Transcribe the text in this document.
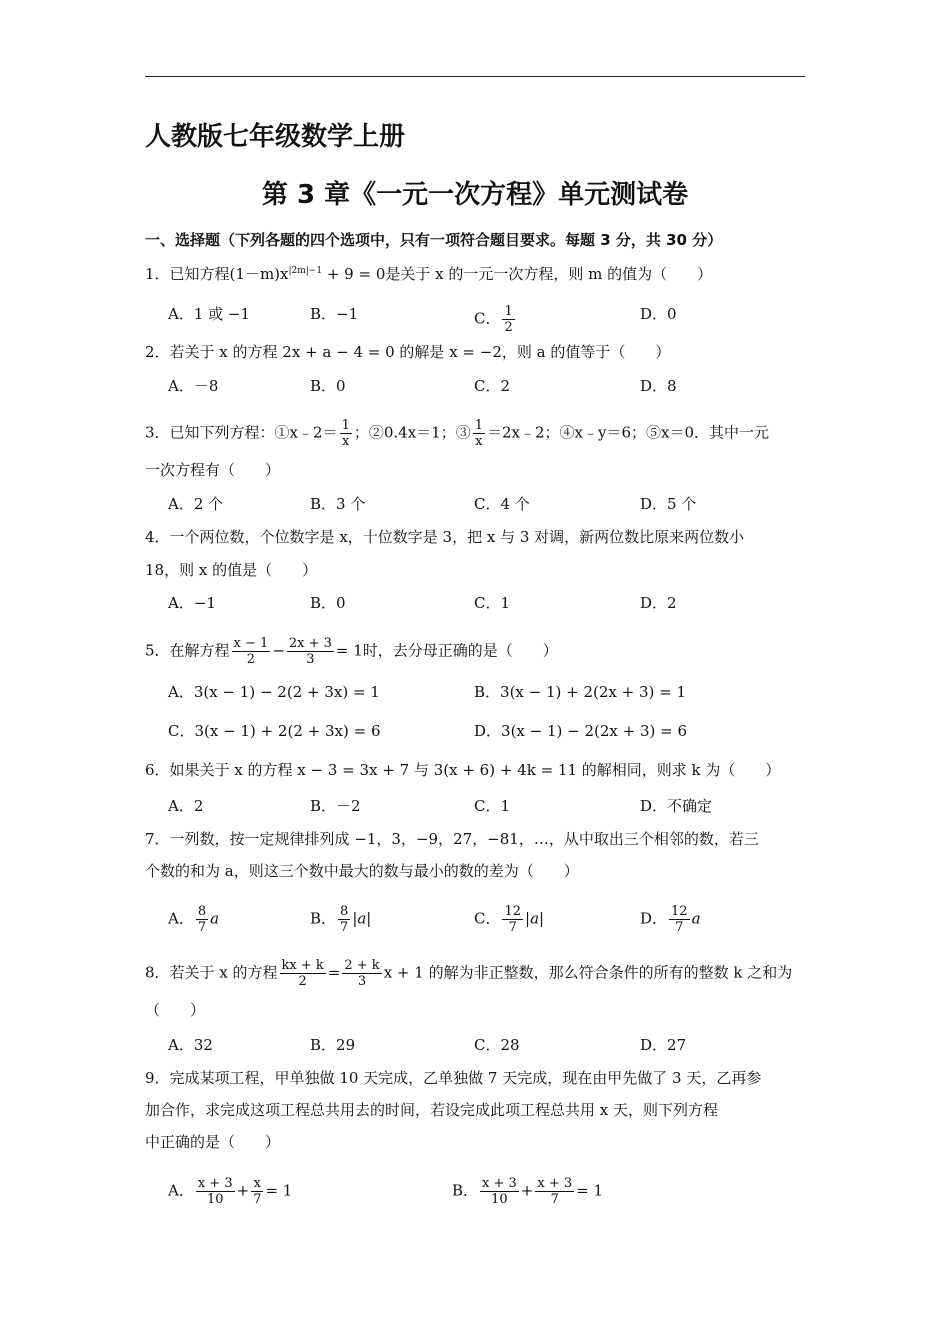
人教版七年级数学上册
第 3 章《一元一次方程》单元测试卷
一、选择题（下列各题的四个选项中，只有一项符合题目要求。每题 3 分，共 30 分）
1．已知方程$(1-m)x^{|2m|-1} + 9 = 0$是关于 x 的一元一次方程，则 m 的值为（　　）
A．1 或 −1	B．−1	C． $\frac{1}{2}$	D．0
2．若关于 x 的方程 2x + a − 4 = 0 的解是 x = −2，则 a 的值等于（　　）
A．－8	B．0	C．2	D．8
3．已知下列方程：①x﹣2＝ $\frac{1}{x}$ ；②0.4x＝1；③ $\frac{1}{x}$ ＝2x﹣2；④x﹣y＝6；⑤x＝0．其中一元
一次方程有（　　）
A．2 个	B．3 个	C．4 个	D．5 个
4．一个两位数，个位数字是 x，十位数字是 3，把 x 与 3 对调，新两位数比原来两位数小
18，则 x 的值是（　　）
A．−1	B．0	C．1	D．2
5．在解方程 $\frac{x - 1}{2} - \frac{2x + 3}{3} = 1$时，去分母正确的是（　　）
A．3(x − 1) − 2(2 + 3x) = 1	B．3(x − 1) + 2(2x + 3) = 1
C．3(x − 1) + 2(2 + 3x) = 6	D．3(x − 1) − 2(2x + 3) = 6
6．如果关于 x 的方程 x − 3 = 3x + 7 与 3(x + 6) + 4k = 11 的解相同，则求 k 为（　　）
A．2	B．－2	C．1	D．不确定
7．一列数，按一定规律排列成 −1，3，−9，27，−81，…，从中取出三个相邻的数，若三
个数的和为 a，则这三个数中最大的数与最小的数的差为（　　）
A． $\frac{8}{7}$ a	B． $\frac{8}{7} |a|$	C． $\frac{12}{7} |a|$	D． $\frac{12}{7}$ a
8．若关于 x 的方程 $\frac{kx + k}{2} = \frac{2 + k}{3}$ x + 1 的解为非正整数，那么符合条件的所有的整数 k 之和为
（　　）
A．32	B．29	C．28	D．27
9．完成某项工程，甲单独做 10 天完成，乙单独做 7 天完成，现在由甲先做了 3 天，乙再参
加合作，求完成这项工程总共用去的时间，若设完成此项工程总共用 x 天，则下列方程
中正确的是（　　）
A． $\frac{x + 3}{10} + \frac{x}{7} = 1$	B． $\frac{x + 3}{10} + \frac{x + 3}{7} = 1$
